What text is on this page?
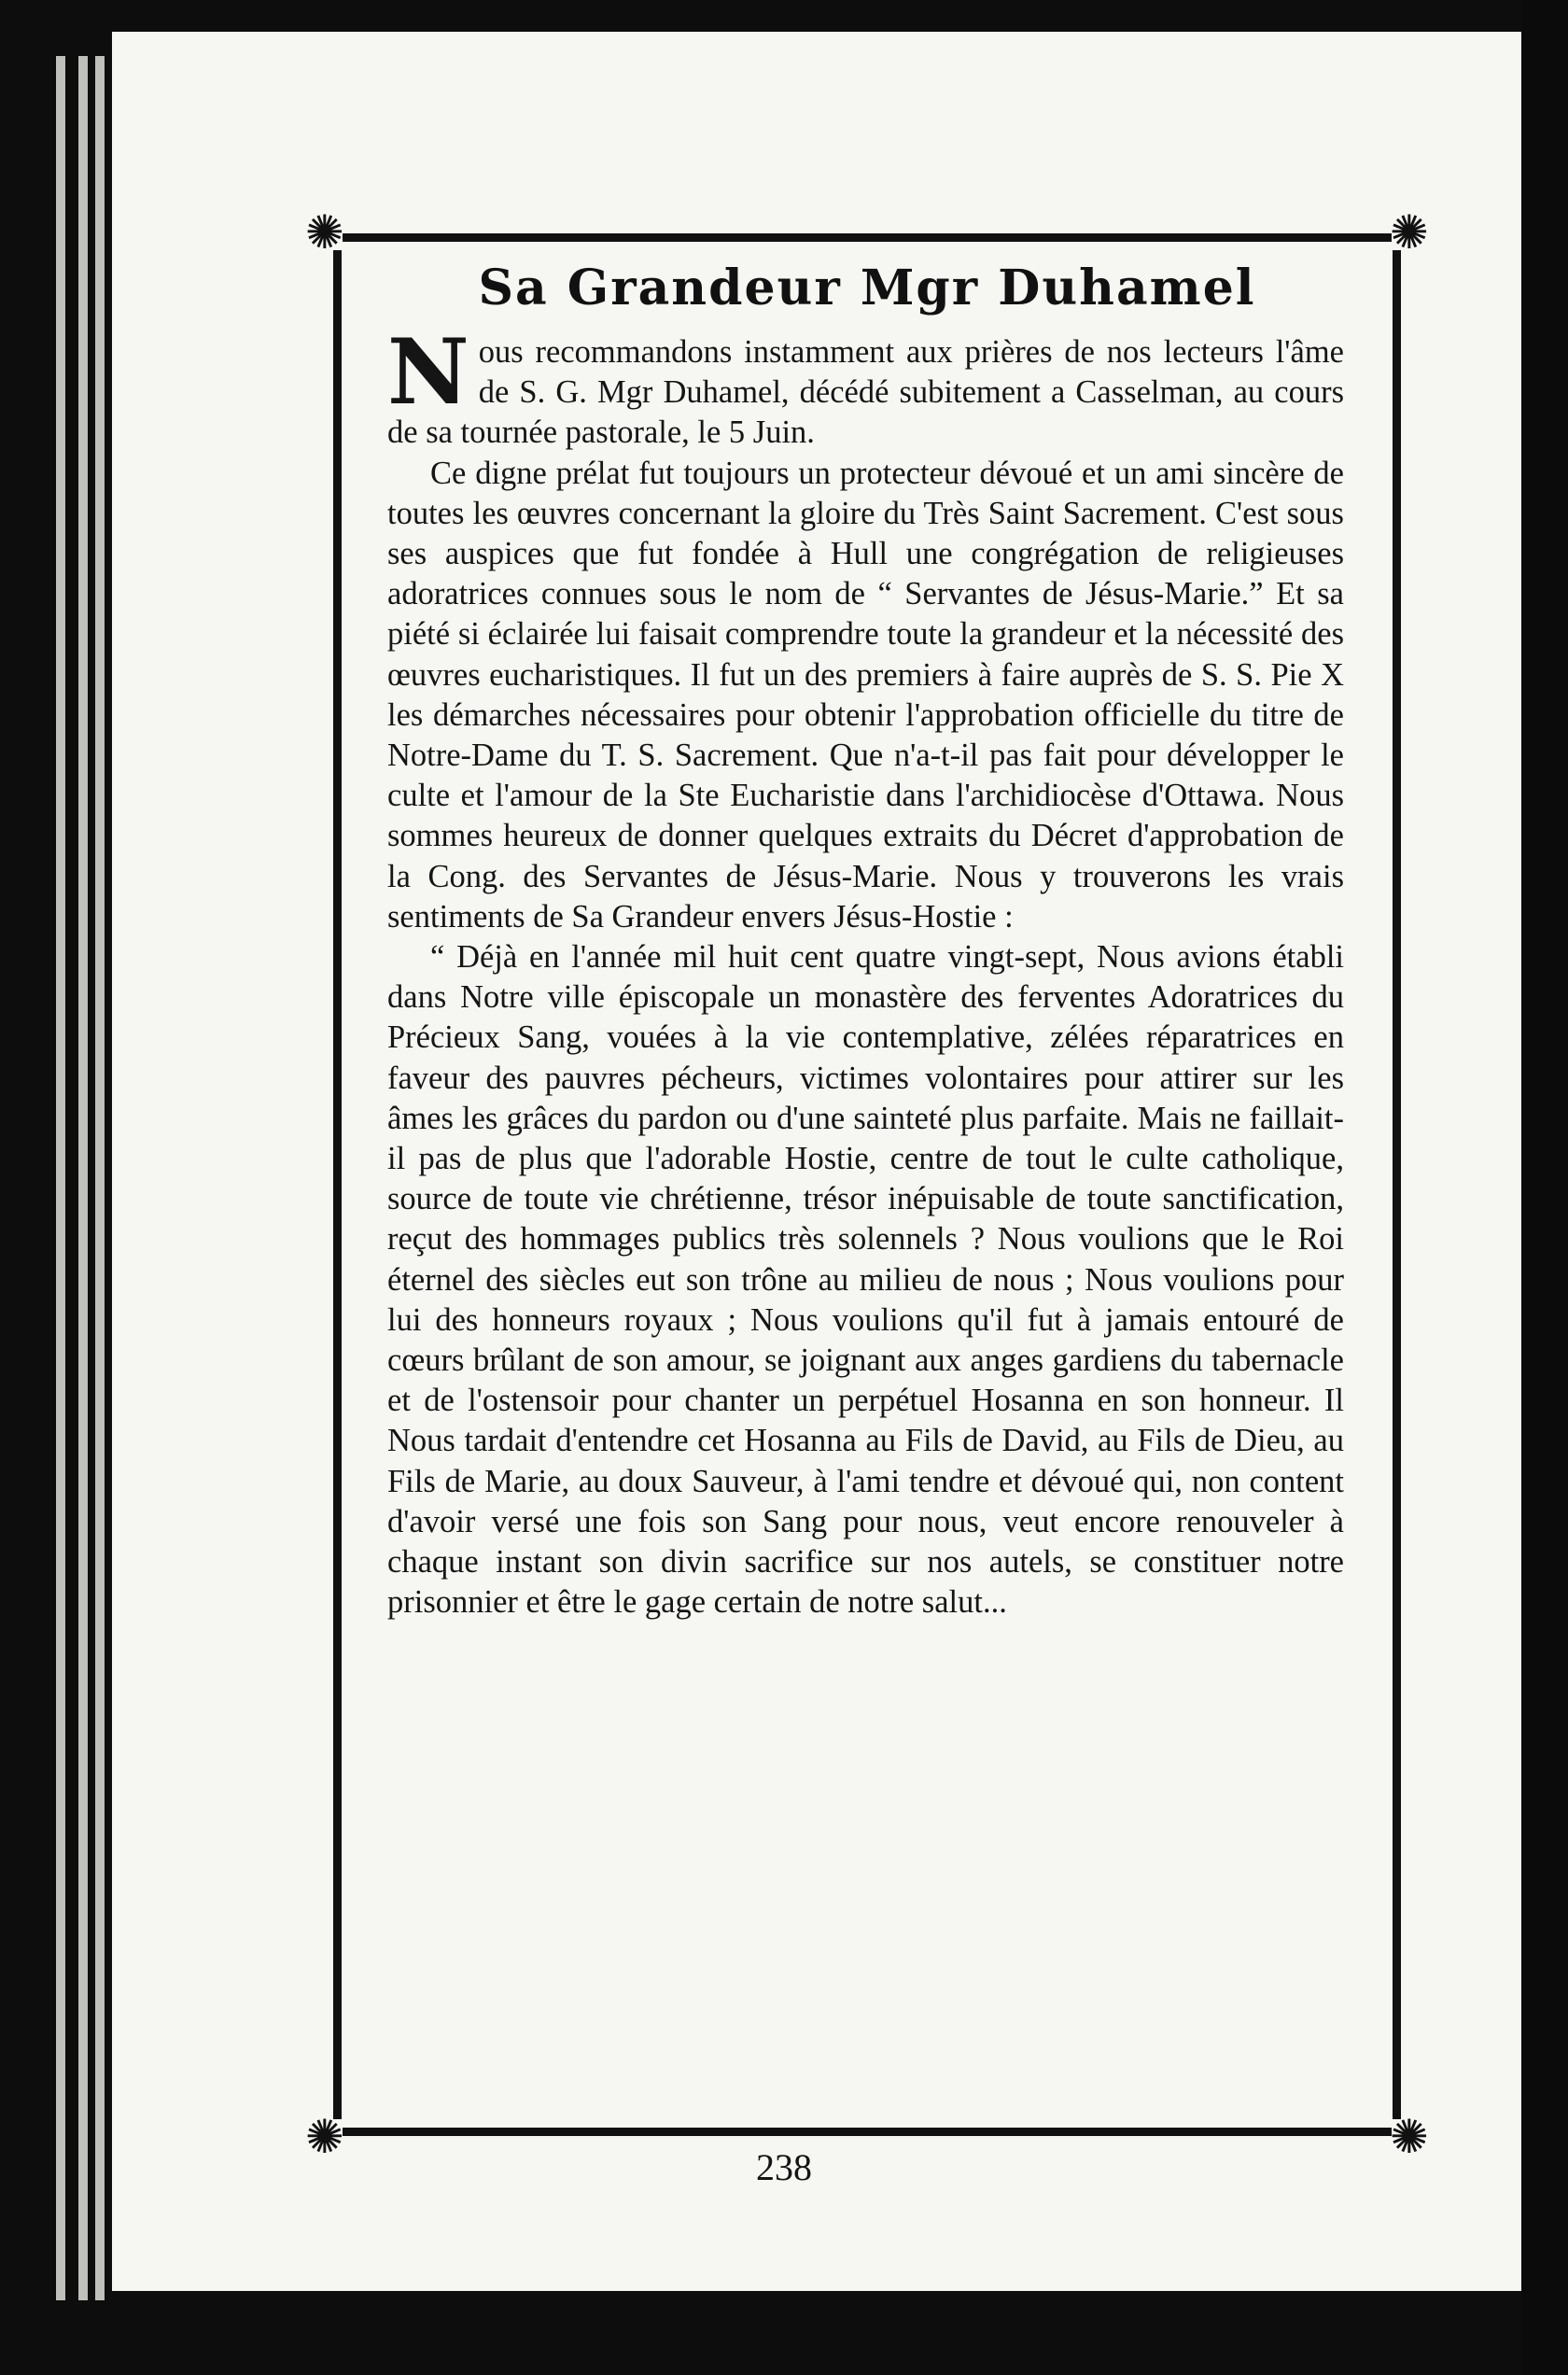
✺	✺
✺	✺
Sa Grandeur Mgr Duhamel

Nous recommandons instamment aux prières de nos lecteurs l'âme de S. G. Mgr Duhamel, décédé subitement a Casselman, au cours de sa tournée pastorale, le 5 Juin.

Ce digne prélat fut toujours un protecteur dévoué et un ami sincère de toutes les œuvres concernant la gloire du Très Saint Sacrement. C'est sous ses auspices que fut fondée à Hull une congrégation de religieuses adoratrices connues sous le nom de “ Servantes de Jésus-Marie.” Et sa piété si éclairée lui faisait comprendre toute la grandeur et la nécessité des œuvres eucharistiques. Il fut un des premiers à faire auprès de S. S. Pie X les démarches nécessaires pour obtenir l'approbation officielle du titre de Notre-Dame du T. S. Sacrement. Que n'a-t-il pas fait pour développer le culte et l'amour de la Ste Eucharistie dans l'archidiocèse d'Ottawa. Nous sommes heureux de donner quelques extraits du Décret d'approbation de la Cong. des Servantes de Jésus-Marie. Nous y trouverons les vrais sentiments de Sa Grandeur envers Jésus-Hostie :

“ Déjà en l'année mil huit cent quatre vingt-sept, Nous avions établi dans Notre ville épiscopale un monastère des ferventes Adoratrices du Précieux Sang, vouées à la vie contemplative, zélées réparatrices en faveur des pauvres pécheurs, victimes volontaires pour attirer sur les âmes les grâces du pardon ou d'une sainteté plus parfaite. Mais ne faillait-il pas de plus que l'adorable Hostie, centre de tout le culte catholique, source de toute vie chrétienne, trésor inépuisable de toute sanctification, reçut des hommages publics très solennels ? Nous voulions que le Roi éternel des siècles eut son trône au milieu de nous ; Nous voulions pour lui des honneurs royaux ; Nous voulions qu'il fut à jamais entouré de cœurs brûlant de son amour, se joignant aux anges gardiens du tabernacle et de l'ostensoir pour chanter un perpétuel Hosanna en son honneur. Il Nous tardait d'entendre cet Hosanna au Fils de David, au Fils de Dieu, au Fils de Marie, au doux Sauveur, à l'ami tendre et dévoué qui, non content d'avoir versé une fois son Sang pour nous, veut encore renouveler à chaque instant son divin sacrifice sur nos autels, se constituer notre prisonnier et être le gage certain de notre salut...

238
